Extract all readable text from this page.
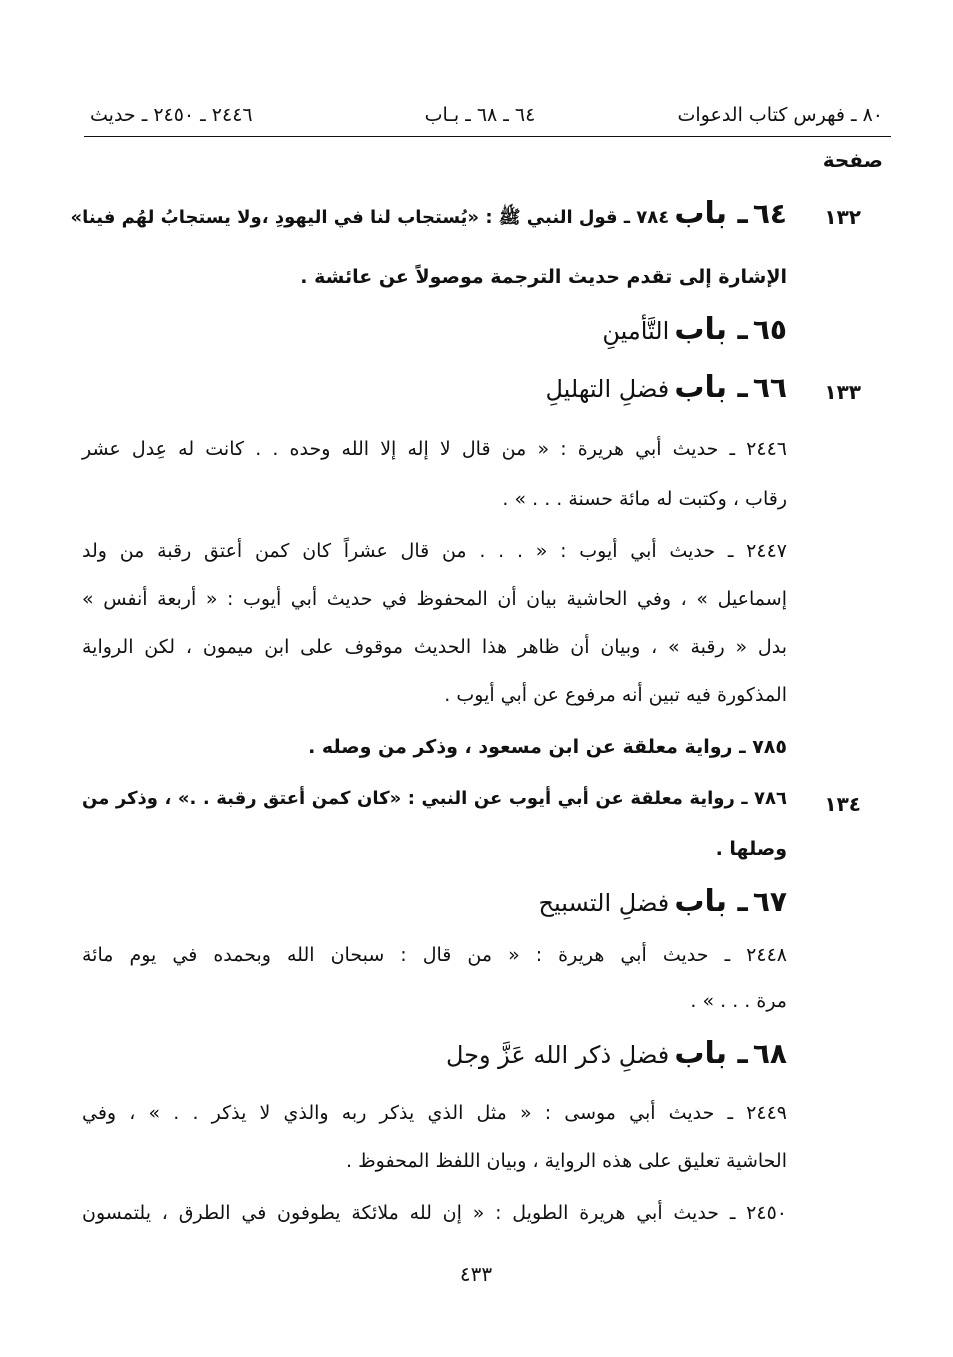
٨٠ ـ فهرس كتاب الدعوات
٦٤ ـ ٦٨ ـ بـاب
٢٤٤٦ ـ ٢٤٥٠ ـ حديث
صفحة
١٣٢
٦٤ ـ باب ٧٨٤ ـ قول النبي ﷺ : «يُستجاب لنا في اليهودِ ،ولا يستجابُ لهُم فينا»
الإشارة إلى تقدم حديث الترجمة موصولاً عن عائشة .
٦٥ ـ باب التَّأمينِ
١٣٣
٦٦ ـ باب فضلِ التهليلِ
٢٤٤٦ ـ حديث أبي هريرة : « من قال لا إله إلا الله وحده . . كانت له عِدل عشر
رقاب ، وكتبت له مائة حسنة . . . » .
٢٤٤٧ ـ حديث أبي أيوب : « . . . من قال عشراً كان كمن أعتق رقبة من ولد
إسماعيل » ، وفي الحاشية بيان أن المحفوظ في حديث أبي أيوب : « أربعة أنفس »
بدل « رقبة » ، وبيان أن ظاهر هذا الحديث موقوف على ابن ميمون ، لكن الرواية
المذكورة فيه تبين أنه مرفوع عن أبي أيوب .
٧٨٥ ـ رواية معلقة عن ابن مسعود ، وذكر من وصله .
١٣٤
٧٨٦ ـ رواية معلقة عن أبي أيوب عن النبي : «كان كمن أعتق رقبة . .» ، وذكر من
وصلها .
٦٧ ـ باب فضلِ التسبيح
٢٤٤٨ ـ حديث أبي هريرة : « من قال : سبحان الله وبحمده في يوم مائة
مرة . . . » .
٦٨ ـ باب فضلِ ذكر الله عَزَّ وجل
٢٤٤٩ ـ حديث أبي موسى : « مثل الذي يذكر ربه والذي لا يذكر . . » ، وفي
الحاشية تعليق على هذه الرواية ، وبيان اللفظ المحفوظ .
٢٤٥٠ ـ حديث أبي هريرة الطويل : « إن لله ملائكة يطوفون في الطرق ، يلتمسون
٤٣٣
